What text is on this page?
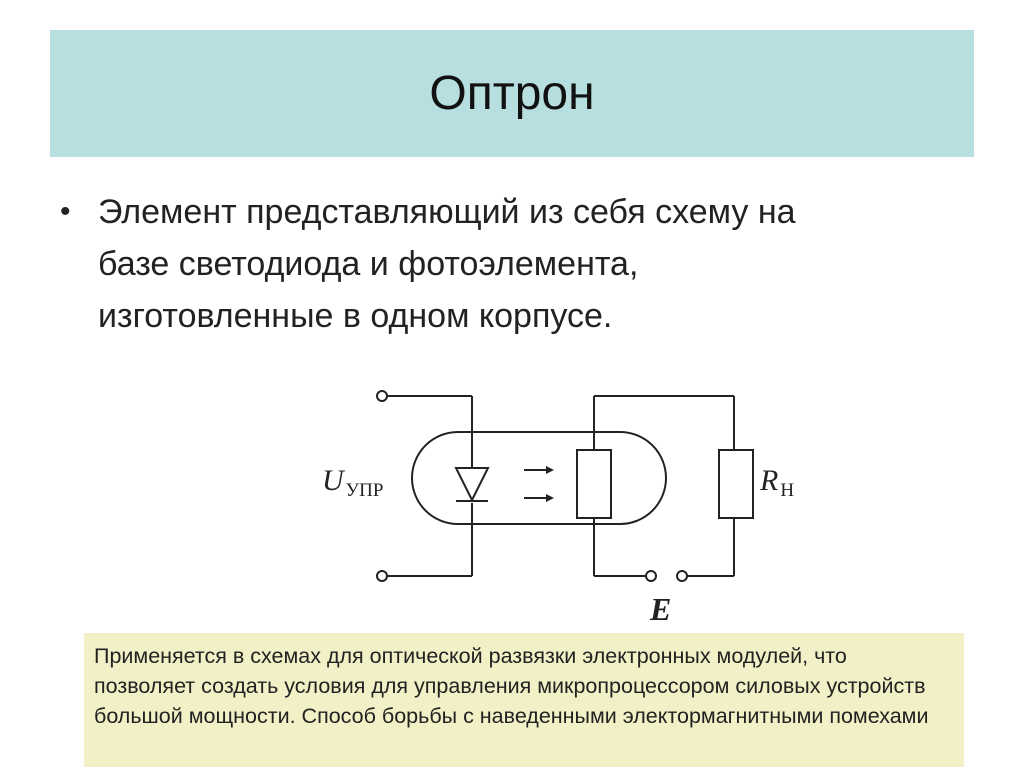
Оптрон
• Элемент представляющий из себя схему на базе светодиода и фотоэлемента, изготовленные в одном корпусе.
U $_{УПР}$	R $_Н$
E
Применяется в схемах для оптической развязки электронных модулей, что позволяет создать условия для управления микропроцессором силовых устройств большой мощности. Способ борьбы с наведенными электормагнитными помехами
